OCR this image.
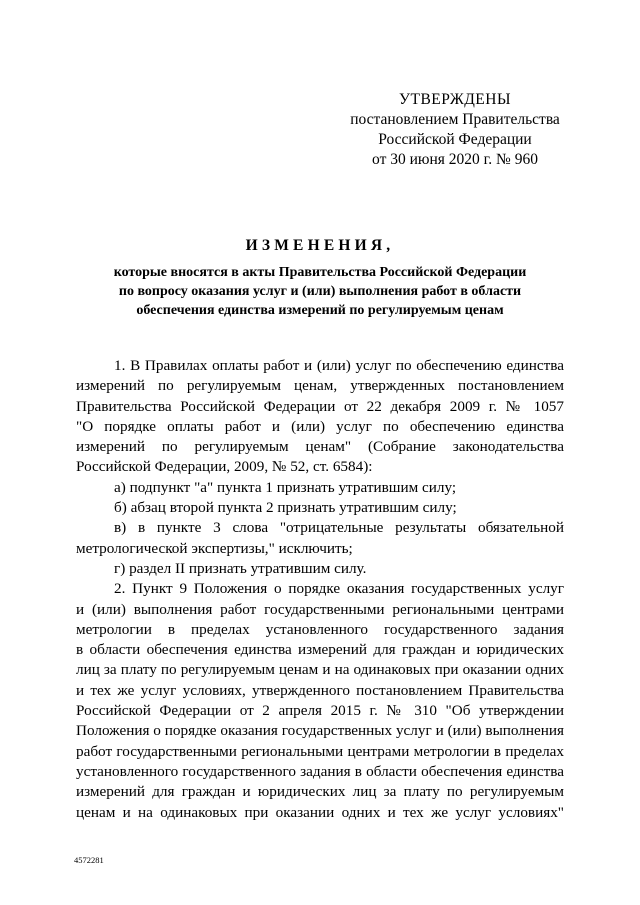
УТВЕРЖДЕНЫ
постановлением Правительства
Российской Федерации
от 30 июня 2020 г. № 960
ИЗМЕНЕНИЯ,
которые вносятся в акты Правительства Российской Федерации
по вопросу оказания услуг и (или) выполнения работ в области
обеспечения единства измерений по регулируемым ценам
1. В Правилах оплаты работ и (или) услуг по обеспечению единства
измерений по регулируемым ценам, утвержденных постановлением
Правительства Российской Федерации от 22 декабря 2009 г. № 1057
"О порядке оплаты работ и (или) услуг по обеспечению единства
измерений по регулируемым ценам" (Собрание законодательства
Российской Федерации, 2009, № 52, ст. 6584):
а) подпункт "а" пункта 1 признать утратившим силу;
б) абзац второй пункта 2 признать утратившим силу;
в) в пункте 3 слова "отрицательные результаты обязательной
метрологической экспертизы," исключить;
г) раздел II признать утратившим силу.
2. Пункт 9 Положения о порядке оказания государственных услуг
и (или) выполнения работ государственными региональными центрами
метрологии в пределах установленного государственного задания
в области обеспечения единства измерений для граждан и юридических
лиц за плату по регулируемым ценам и на одинаковых при оказании одних
и тех же услуг условиях, утвержденного постановлением Правительства
Российской Федерации от 2 апреля 2015 г. № 310 "Об утверждении
Положения о порядке оказания государственных услуг и (или) выполнения
работ государственными региональными центрами метрологии в пределах
установленного государственного задания в области обеспечения единства
измерений для граждан и юридических лиц за плату по регулируемым
ценам и на одинаковых при оказании одних и тех же услуг условиях"
4572281
